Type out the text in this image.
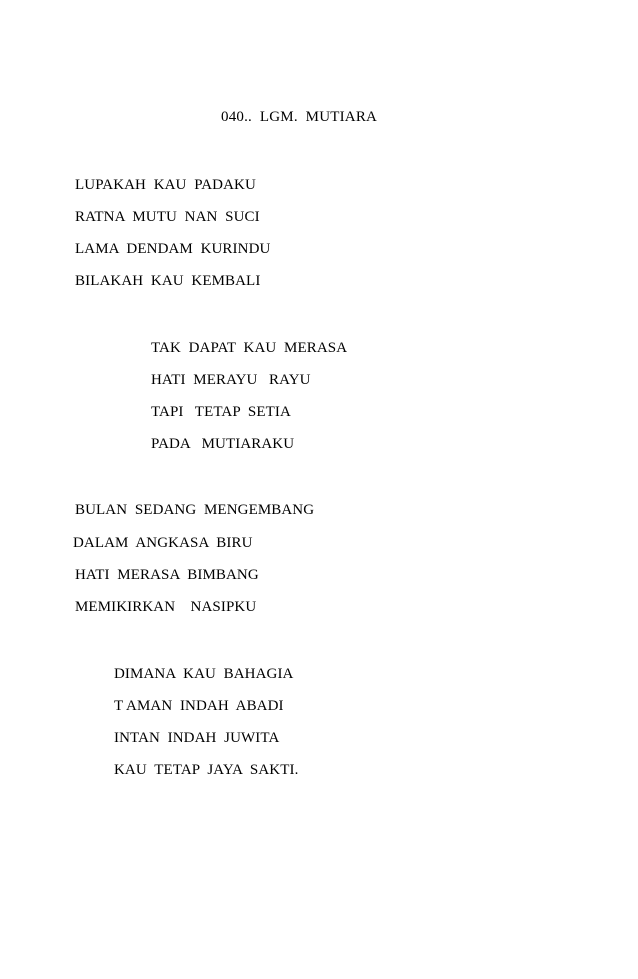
040..  LGM.  MUTIARA
LUPAKAH  KAU  PADAKU
RATNA  MUTU  NAN  SUCI
LAMA  DENDAM  KURINDU
BILAKAH  KAU  KEMBALI
TAK  DAPAT  KAU  MERASA
HATI  MERAYU   RAYU
TAPI   TETAP  SETIA
PADA   MUTIARAKU
BULAN  SEDANG  MENGEMBANG
DALAM  ANGKASA  BIRU
HATI  MERASA  BIMBANG
MEMIKIRKAN    NASIPKU
DIMANA  KAU  BAHAGIA
T AMAN  INDAH  ABADI
INTAN  INDAH  JUWITA
KAU  TETAP  JAYA  SAKTI.
